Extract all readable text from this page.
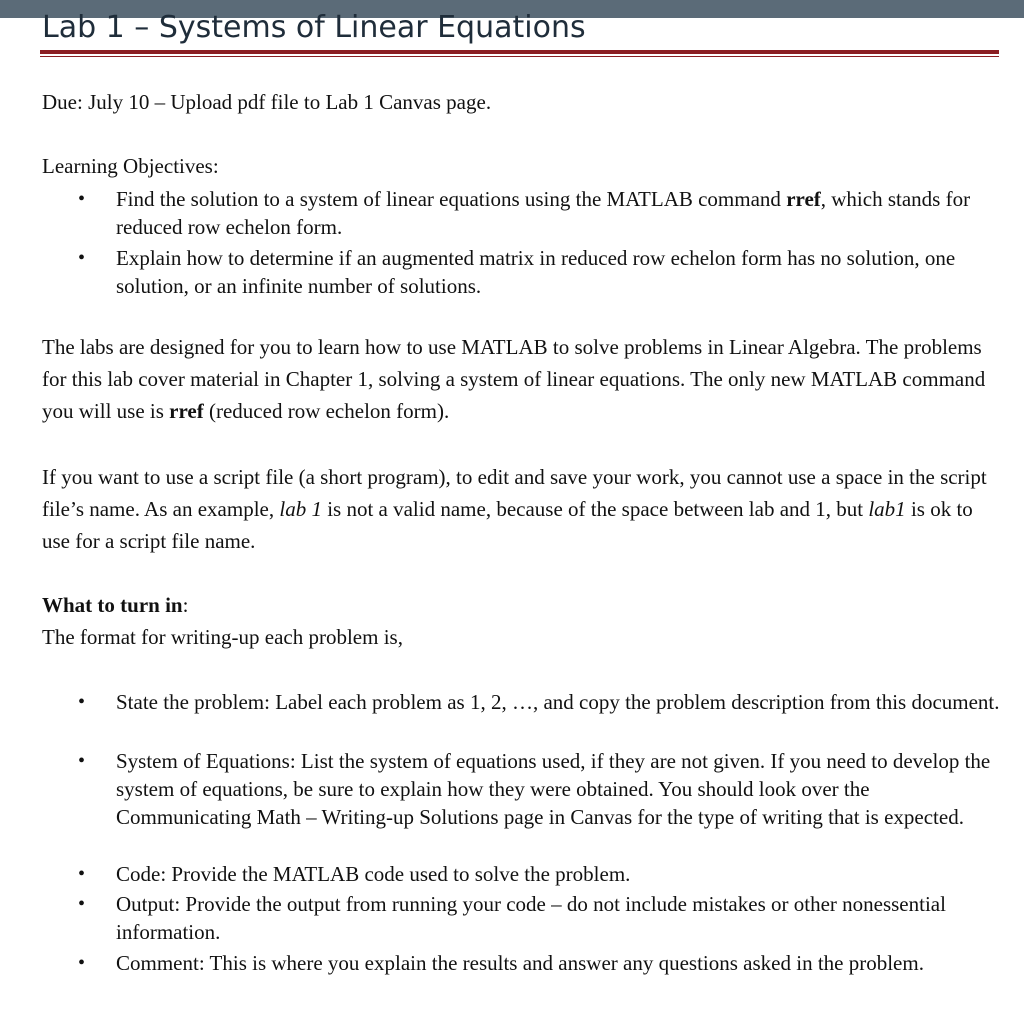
Lab 1 – Systems of Linear Equations
Due: July 10 – Upload pdf file to Lab 1 Canvas page.
Learning Objectives:
• Find the solution to a system of linear equations using the MATLAB command rref, which stands for reduced row echelon form.
• Explain how to determine if an augmented matrix in reduced row echelon form has no solution, one solution, or an infinite number of solutions.
The labs are designed for you to learn how to use MATLAB to solve problems in Linear Algebra. The problems for this lab cover material in Chapter 1, solving a system of linear equations. The only new MATLAB command you will use is rref (reduced row echelon form).
If you want to use a script file (a short program), to edit and save your work, you cannot use a space in the script file’s name. As an example, lab 1 is not a valid name, because of the space between lab and 1, but lab1 is ok to use for a script file name.
What to turn in:
The format for writing-up each problem is,
• State the problem: Label each problem as 1, 2, …, and copy the problem description from this document.
• System of Equations: List the system of equations used, if they are not given. If you need to develop the system of equations, be sure to explain how they were obtained. You should look over the Communicating Math – Writing-up Solutions page in Canvas for the type of writing that is expected.
• Code: Provide the MATLAB code used to solve the problem.
• Output: Provide the output from running your code – do not include mistakes or other nonessential information.
• Comment: This is where you explain the results and answer any questions asked in the problem.
